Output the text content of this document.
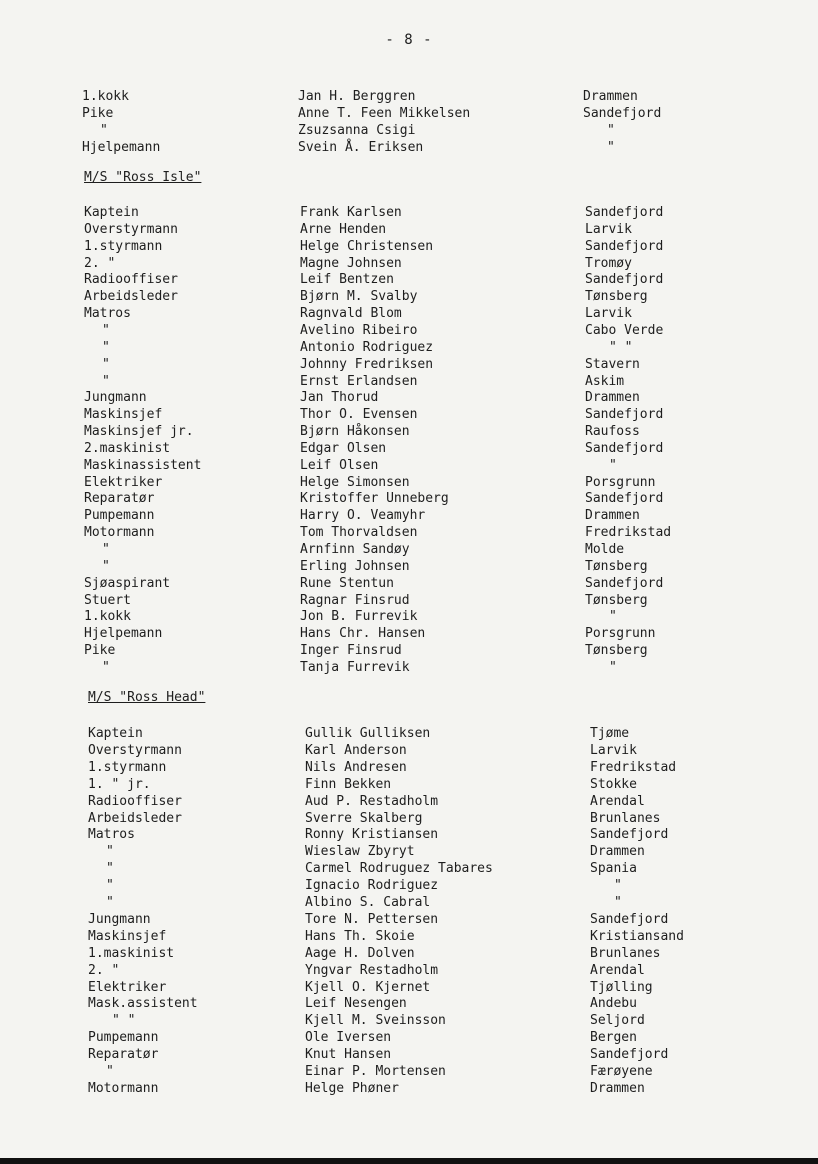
- 8 -
1.kokk	Jan H. Berggren	Drammen
Pike	Anne T. Feen Mikkelsen	Sandefjord
"	Zsuzsanna Csigi	"
Hjelpemann	Svein Å. Eriksen	"
M/S "Ross Isle"
Kaptein	Frank Karlsen	Sandefjord
Overstyrmann	Arne Henden	Larvik
1.styrmann	Helge Christensen	Sandefjord
2. "	Magne Johnsen	Tromøy
Radiooffiser	Leif Bentzen	Sandefjord
Arbeidsleder	Bjørn M. Svalby	Tønsberg
Matros	Ragnvald Blom	Larvik
"	Avelino Ribeiro	Cabo Verde
"	Antonio Rodriguez	" "
"	Johnny Fredriksen	Stavern
"	Ernst Erlandsen	Askim
Jungmann	Jan Thorud	Drammen
Maskinsjef	Thor O. Evensen	Sandefjord
Maskinsjef jr.	Bjørn Håkonsen	Raufoss
2.maskinist	Edgar Olsen	Sandefjord
Maskinassistent	Leif Olsen	"
Elektriker	Helge Simonsen	Porsgrunn
Reparatør	Kristoffer Unneberg	Sandefjord
Pumpemann	Harry O. Veamyhr	Drammen
Motormann	Tom Thorvaldsen	Fredrikstad
"	Arnfinn Sandøy	Molde
"	Erling Johnsen	Tønsberg
Sjøaspirant	Rune Stentun	Sandefjord
Stuert	Ragnar Finsrud	Tønsberg
1.kokk	Jon B. Furrevik	"
Hjelpemann	Hans Chr. Hansen	Porsgrunn
Pike	Inger Finsrud	Tønsberg
"	Tanja Furrevik	"
M/S "Ross Head"
Kaptein	Gullik Gulliksen	Tjøme
Overstyrmann	Karl Anderson	Larvik
1.styrmann	Nils Andresen	Fredrikstad
1. " jr.	Finn Bekken	Stokke
Radiooffiser	Aud P. Restadholm	Arendal
Arbeidsleder	Sverre Skalberg	Brunlanes
Matros	Ronny Kristiansen	Sandefjord
"	Wieslaw Zbyryt	Drammen
"	Carmel Rodruguez Tabares	Spania
"	Ignacio Rodriguez	"
"	Albino S. Cabral	"
Jungmann	Tore N. Pettersen	Sandefjord
Maskinsjef	Hans Th. Skoie	Kristiansand
1.maskinist	Aage H. Dolven	Brunlanes
2. "	Yngvar Restadholm	Arendal
Elektriker	Kjell O. Kjernet	Tjølling
Mask.assistent	Leif Nesengen	Andebu
" "	Kjell M. Sveinsson	Seljord
Pumpemann	Ole Iversen	Bergen
Reparatør	Knut Hansen	Sandefjord
"	Einar P. Mortensen	Færøyene
Motormann	Helge Phøner	Drammen
